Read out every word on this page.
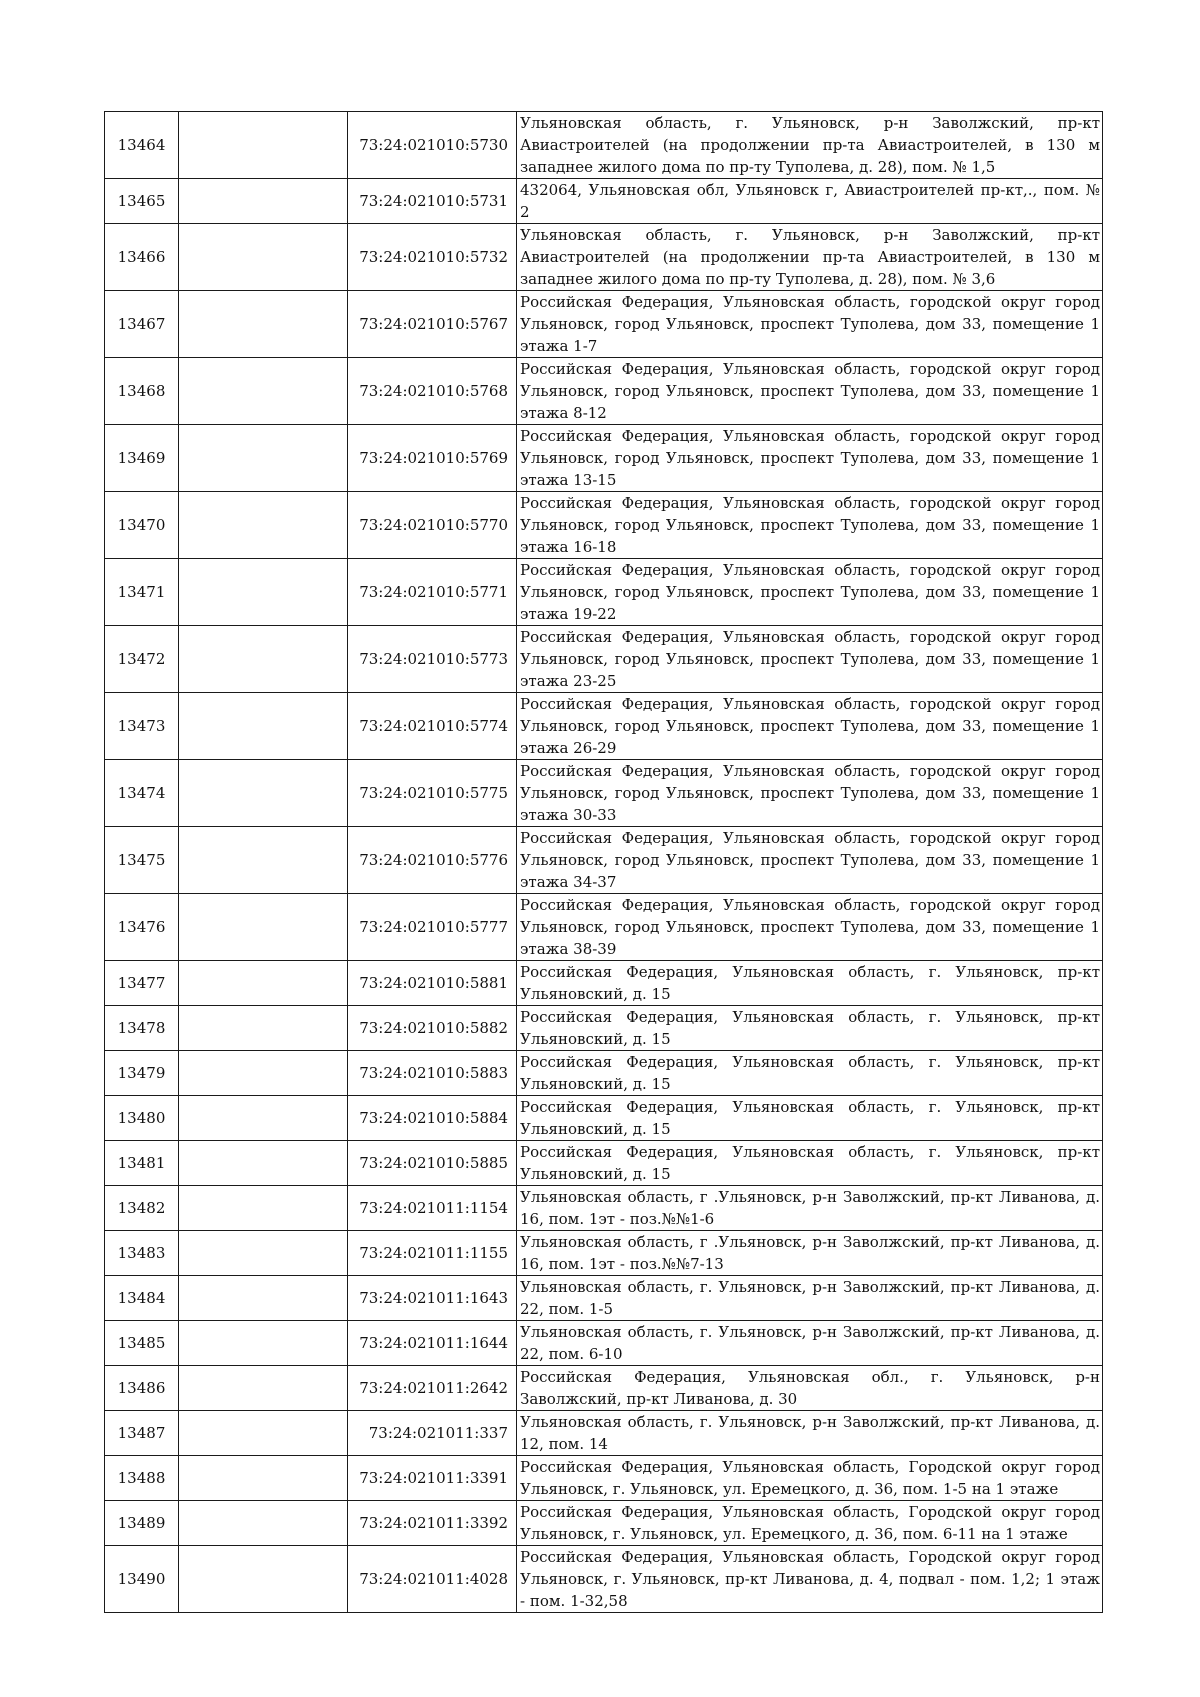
13464		73:24:021010:5730	Ульяновская область, г. Ульяновск, р-н Заволжский, пр-кт Авиастроителей (на продолжении пр-та Авиастроителей, в 130 м западнее жилого дома по пр-ту Туполева, д. 28), пом. № 1,5
13465		73:24:021010:5731	432064, Ульяновская обл, Ульяновск г, Авиастроителей пр-кт,., пом. № 2
13466		73:24:021010:5732	Ульяновская область, г. Ульяновск, р-н Заволжский, пр-кт Авиастроителей (на продолжении пр-та Авиастроителей, в 130 м западнее жилого дома по пр-ту Туполева, д. 28), пом. № 3,6
13467		73:24:021010:5767	Российская Федерация, Ульяновская область, городской округ город Ульяновск, город Ульяновск, проспект Туполева, дом 33, помещение 1 этажа 1-7
13468		73:24:021010:5768	Российская Федерация, Ульяновская область, городской округ город Ульяновск, город Ульяновск, проспект Туполева, дом 33, помещение 1 этажа 8-12
13469		73:24:021010:5769	Российская Федерация, Ульяновская область, городской округ город Ульяновск, город Ульяновск, проспект Туполева, дом 33, помещение 1 этажа 13-15
13470		73:24:021010:5770	Российская Федерация, Ульяновская область, городской округ город Ульяновск, город Ульяновск, проспект Туполева, дом 33, помещение 1 этажа 16-18
13471		73:24:021010:5771	Российская Федерация, Ульяновская область, городской округ город Ульяновск, город Ульяновск, проспект Туполева, дом 33, помещение 1 этажа 19-22
13472		73:24:021010:5773	Российская Федерация, Ульяновская область, городской округ город Ульяновск, город Ульяновск, проспект Туполева, дом 33, помещение 1 этажа 23-25
13473		73:24:021010:5774	Российская Федерация, Ульяновская область, городской округ город Ульяновск, город Ульяновск, проспект Туполева, дом 33, помещение 1 этажа 26-29
13474		73:24:021010:5775	Российская Федерация, Ульяновская область, городской округ город Ульяновск, город Ульяновск, проспект Туполева, дом 33, помещение 1 этажа 30-33
13475		73:24:021010:5776	Российская Федерация, Ульяновская область, городской округ город Ульяновск, город Ульяновск, проспект Туполева, дом 33, помещение 1 этажа 34-37
13476		73:24:021010:5777	Российская Федерация, Ульяновская область, городской округ город Ульяновск, город Ульяновск, проспект Туполева, дом 33, помещение 1 этажа 38-39
13477		73:24:021010:5881	Российская Федерация, Ульяновская область, г. Ульяновск, пр-кт Ульяновский, д. 15
13478		73:24:021010:5882	Российская Федерация, Ульяновская область, г. Ульяновск, пр-кт Ульяновский, д. 15
13479		73:24:021010:5883	Российская Федерация, Ульяновская область, г. Ульяновск, пр-кт Ульяновский, д. 15
13480		73:24:021010:5884	Российская Федерация, Ульяновская область, г. Ульяновск, пр-кт Ульяновский, д. 15
13481		73:24:021010:5885	Российская Федерация, Ульяновская область, г. Ульяновск, пр-кт Ульяновский, д. 15
13482		73:24:021011:1154	Ульяновская область, г .Ульяновск, р-н Заволжский, пр-кт Ливанова, д. 16, пом. 1эт - поз.№№1-6
13483		73:24:021011:1155	Ульяновская область, г .Ульяновск, р-н Заволжский, пр-кт Ливанова, д. 16, пом. 1эт - поз.№№7-13
13484		73:24:021011:1643	Ульяновская область, г. Ульяновск, р-н Заволжский, пр-кт Ливанова, д. 22, пом. 1-5
13485		73:24:021011:1644	Ульяновская область, г. Ульяновск, р-н Заволжский, пр-кт Ливанова, д. 22, пом. 6-10
13486		73:24:021011:2642	Российская Федерация, Ульяновская обл., г. Ульяновск, р-н Заволжский, пр-кт Ливанова, д. 30
13487		73:24:021011:337	Ульяновская область, г. Ульяновск, р-н Заволжский, пр-кт Ливанова, д. 12, пом. 14
13488		73:24:021011:3391	Российская Федерация, Ульяновская область, Городской округ город Ульяновск, г. Ульяновск, ул. Еремецкого, д. 36, пом. 1-5 на 1 этаже
13489		73:24:021011:3392	Российская Федерация, Ульяновская область, Городской округ город Ульяновск, г. Ульяновск, ул. Еремецкого, д. 36, пом. 6-11 на 1 этаже
13490		73:24:021011:4028	Российская Федерация, Ульяновская область, Городской округ город Ульяновск, г. Ульяновск, пр-кт Ливанова, д. 4, подвал - пом. 1,2; 1 этаж - пом. 1-32,58
